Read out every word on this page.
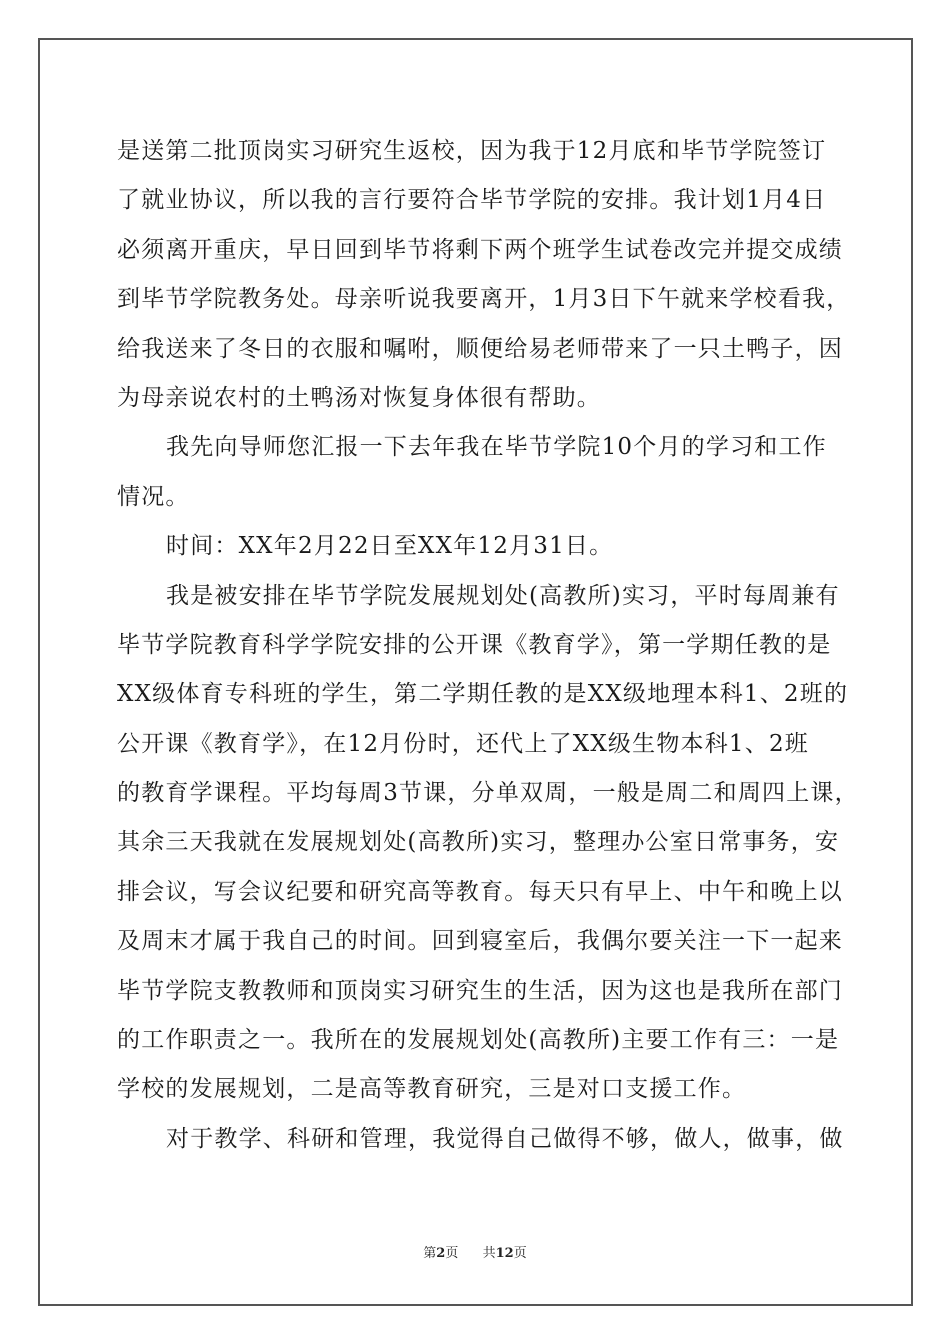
是送第二批顶岗实习研究生返校，因为我于12月底和毕节学院签订
了就业协议，所以我的言行要符合毕节学院的安排。我计划1月4日
必须离开重庆，早日回到毕节将剩下两个班学生试卷改完并提交成绩
到毕节学院教务处。母亲听说我要离开，1月3日下午就来学校看我，
给我送来了冬日的衣服和嘱咐，顺便给易老师带来了一只土鸭子，因
为母亲说农村的土鸭汤对恢复身体很有帮助。
我先向导师您汇报一下去年我在毕节学院10个月的学习和工作
情况。
时间：XX年2月22日至XX年12月31日。
我是被安排在毕节学院发展规划处(高教所)实习，平时每周兼有
毕节学院教育科学学院安排的公开课《教育学》，第一学期任教的是
XX级体育专科班的学生，第二学期任教的是XX级地理本科1、2班的
公开课《教育学》，在12月份时，还代上了XX级生物本科1、2班
的教育学课程。平均每周3节课，分单双周，一般是周二和周四上课，
其余三天我就在发展规划处(高教所)实习，整理办公室日常事务，安
排会议，写会议纪要和研究高等教育。每天只有早上、中午和晚上以
及周末才属于我自己的时间。回到寝室后，我偶尔要关注一下一起来
毕节学院支教教师和顶岗实习研究生的生活，因为这也是我所在部门
的工作职责之一。我所在的发展规划处(高教所)主要工作有三：一是
学校的发展规划，二是高等教育研究，三是对口支援工作。
对于教学、科研和管理，我觉得自己做得不够，做人，做事，做
第2页 共12页
